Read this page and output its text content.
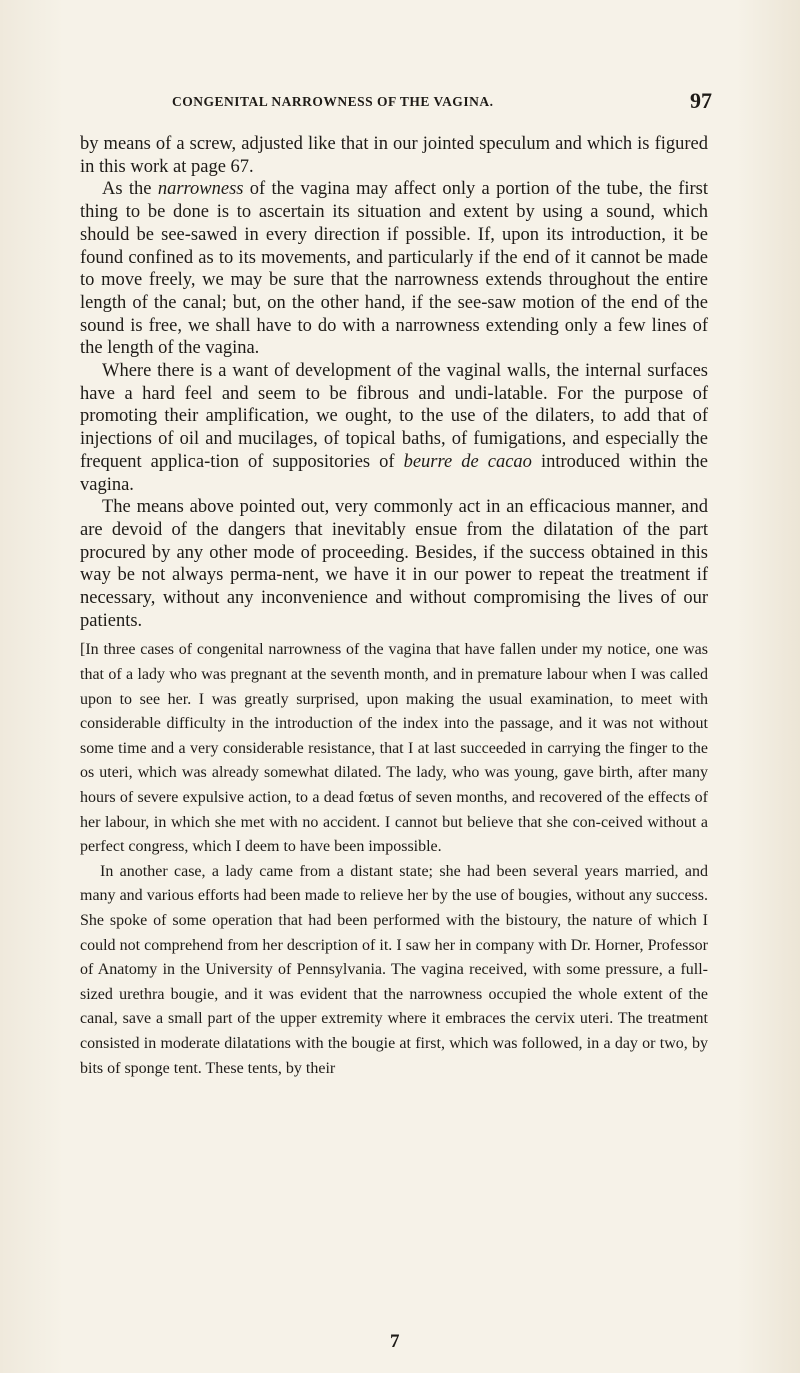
CONGENITAL NARROWNESS OF THE VAGINA.	97

by means of a screw, adjusted like that in our jointed speculum and which is figured in this work at page 67.

As the narrowness of the vagina may affect only a portion of the tube, the first thing to be done is to ascertain its situation and extent by using a sound, which should be see-sawed in every direction if possible. If, upon its introduction, it be found confined as to its movements, and particularly if the end of it cannot be made to move freely, we may be sure that the narrowness extends throughout the entire length of the canal; but, on the other hand, if the see-saw motion of the end of the sound is free, we shall have to do with a narrowness extending only a few lines of the length of the vagina.

Where there is a want of development of the vaginal walls, the internal surfaces have a hard feel and seem to be fibrous and undi-latable. For the purpose of promoting their amplification, we ought, to the use of the dilaters, to add that of injections of oil and mucilages, of topical baths, of fumigations, and especially the frequent applica-tion of suppositories of beurre de cacao introduced within the vagina.

The means above pointed out, very commonly act in an efficacious manner, and are devoid of the dangers that inevitably ensue from the dilatation of the part procured by any other mode of proceeding. Besides, if the success obtained in this way be not always perma-nent, we have it in our power to repeat the treatment if necessary, without any inconvenience and without compromising the lives of our patients.

[In three cases of congenital narrowness of the vagina that have fallen under my notice, one was that of a lady who was pregnant at the seventh month, and in premature labour when I was called upon to see her. I was greatly surprised, upon making the usual examination, to meet with considerable difficulty in the introduction of the index into the passage, and it was not without some time and a very considerable resistance, that I at last succeeded in carrying the finger to the os uteri, which was already somewhat dilated. The lady, who was young, gave birth, after many hours of severe expulsive action, to a dead fœtus of seven months, and recovered of the effects of her labour, in which she met with no accident. I cannot but believe that she con-ceived without a perfect congress, which I deem to have been impossible.

In another case, a lady came from a distant state; she had been several years married, and many and various efforts had been made to relieve her by the use of bougies, without any success. She spoke of some operation that had been performed with the bistoury, the nature of which I could not comprehend from her description of it. I saw her in company with Dr. Horner, Professor of Anatomy in the University of Pennsylvania. The vagina received, with some pressure, a full-sized urethra bougie, and it was evident that the narrowness occupied the whole extent of the canal, save a small part of the upper extremity where it embraces the cervix uteri. The treatment consisted in moderate dilatations with the bougie at first, which was followed, in a day or two, by bits of sponge tent. These tents, by their

7
